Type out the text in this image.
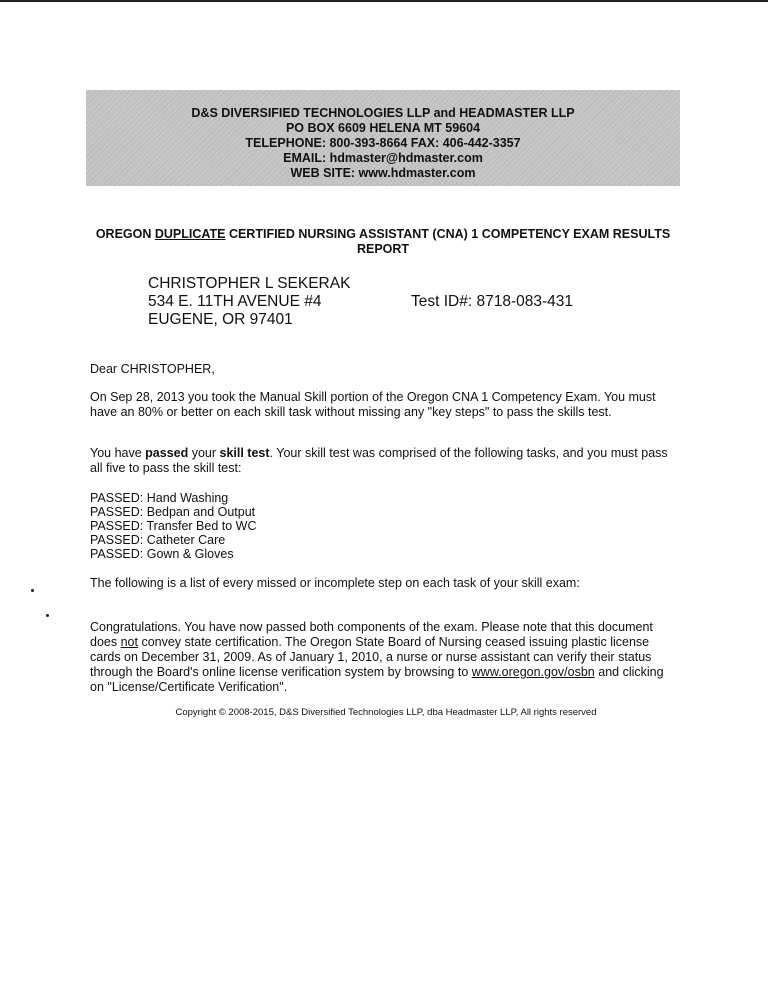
D&S DIVERSIFIED TECHNOLOGIES LLP and HEADMASTER LLP
PO BOX 6609 HELENA MT 59604
TELEPHONE: 800-393-8664 FAX: 406-442-3357
EMAIL: hdmaster@hdmaster.com
WEB SITE: www.hdmaster.com
OREGON DUPLICATE CERTIFIED NURSING ASSISTANT (CNA) 1 COMPETENCY EXAM RESULTS REPORT
CHRISTOPHER L SEKERAK
534 E. 11TH AVENUE #4
EUGENE, OR 97401
Test ID#: 8718-083-431
Dear CHRISTOPHER,

On Sep 28, 2013 you took the Manual Skill portion of the Oregon CNA 1 Competency Exam. You must have an 80% or better on each skill task without missing any "key steps" to pass the skills test.

You have passed your skill test. Your skill test was comprised of the following tasks, and you must pass all five to pass the skill test:

PASSED: Hand Washing
PASSED: Bedpan and Output
PASSED: Transfer Bed to WC
PASSED: Catheter Care
PASSED: Gown & Gloves
The following is a list of every missed or incomplete step on each task of your skill exam:

Congratulations. You have now passed both components of the exam. Please note that this document does not convey state certification. The Oregon State Board of Nursing ceased issuing plastic license cards on December 31, 2009. As of January 1, 2010, a nurse or nurse assistant can verify their status through the Board's online license verification system by browsing to www.oregon.gov/osbn and clicking on "License/Certificate Verification".

Copyright © 2008-2015, D&S Diversified Technologies LLP, dba Headmaster LLP, All rights reserved
